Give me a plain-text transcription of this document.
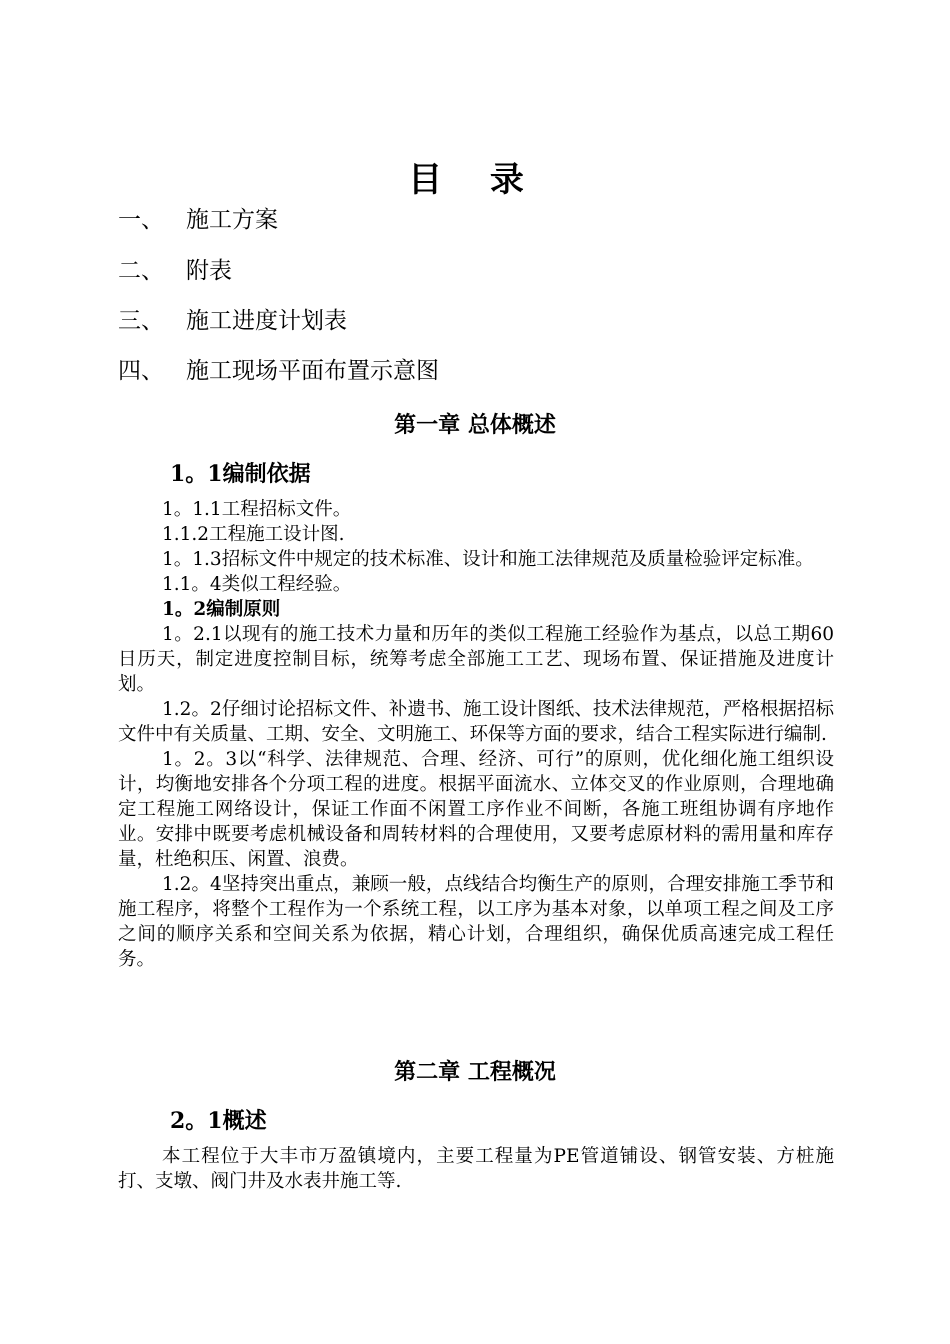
目 录
一、 施工方案
二、 附表
三、 施工进度计划表
四、 施工现场平面布置示意图
第一章 总体概述
1。1编制依据

1。1.1工程招标文件。

1.1.2工程施工设计图.

1。1.3招标文件中规定的技术标准、设计和施工法律规范及质量检验评定标准。

1.1。4类似工程经验。

1。2编制原则

1。2.1以现有的施工技术力量和历年的类似工程施工经验作为基点，以总工期60日历天，制定进度控制目标，统筹考虑全部施工工艺、现场布置、保证措施及进度计划。

1.2。2仔细讨论招标文件、补遗书、施工设计图纸、技术法律规范，严格根据招标文件中有关质量、工期、安全、文明施工、环保等方面的要求，结合工程实际进行编制.

1。2。3以“科学、法律规范、合理、经济、可行”的原则，优化细化施工组织设计，均衡地安排各个分项工程的进度。根据平面流水、立体交叉的作业原则，合理地确定工程施工网络设计，保证工作面不闲置工序作业不间断，各施工班组协调有序地作业。安排中既要考虑机械设备和周转材料的合理使用，又要考虑原材料的需用量和库存量，杜绝积压、闲置、浪费。

1.2。4坚持突出重点，兼顾一般，点线结合均衡生产的原则，合理安排施工季节和施工程序，将整个工程作为一个系统工程，以工序为基本对象，以单项工程之间及工序之间的顺序关系和空间关系为依据，精心计划，合理组织，确保优质高速完成工程任务。

第二章 工程概况
2。1概述

本工程位于大丰市万盈镇境内，主要工程量为PE管道铺设、钢管安装、方桩施打、支墩、阀门井及水表井施工等.
